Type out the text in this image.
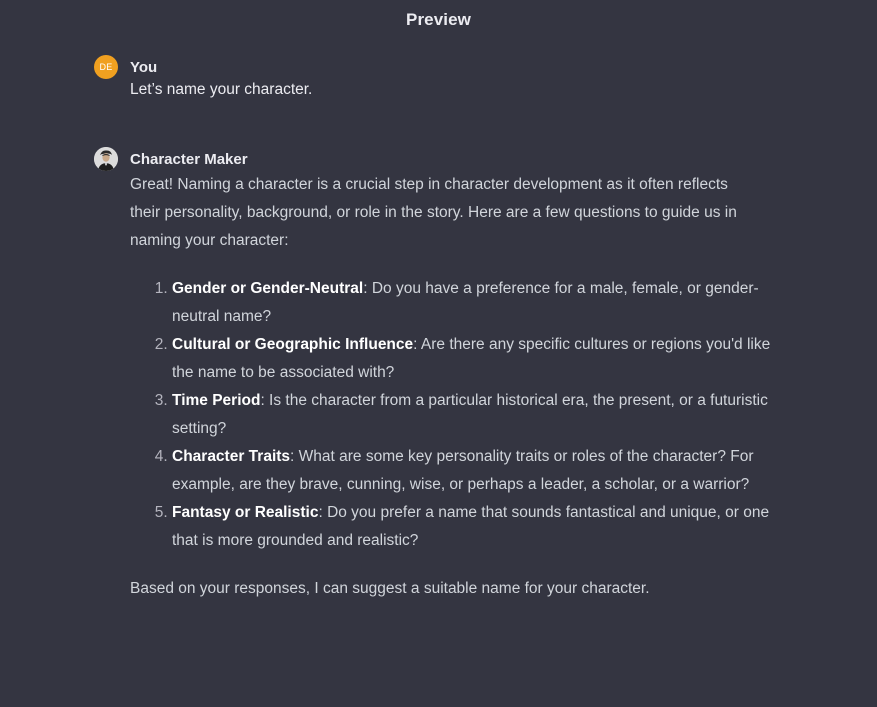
Preview
DE You
Let’s name your character.
Character Maker
Great! Naming a character is a crucial step in character development as it often reflects their personality, background, or role in the story. Here are a few questions to guide us in naming your character:
1. Gender or Gender-Neutral: Do you have a preference for a male, female, or gender-neutral name?
2. Cultural or Geographic Influence: Are there any specific cultures or regions you'd like the name to be associated with?
3. Time Period: Is the character from a particular historical era, the present, or a futuristic setting?
4. Character Traits: What are some key personality traits or roles of the character? For example, are they brave, cunning, wise, or perhaps a leader, a scholar, or a warrior?
5. Fantasy or Realistic: Do you prefer a name that sounds fantastical and unique, or one that is more grounded and realistic?
Based on your responses, I can suggest a suitable name for your character.
